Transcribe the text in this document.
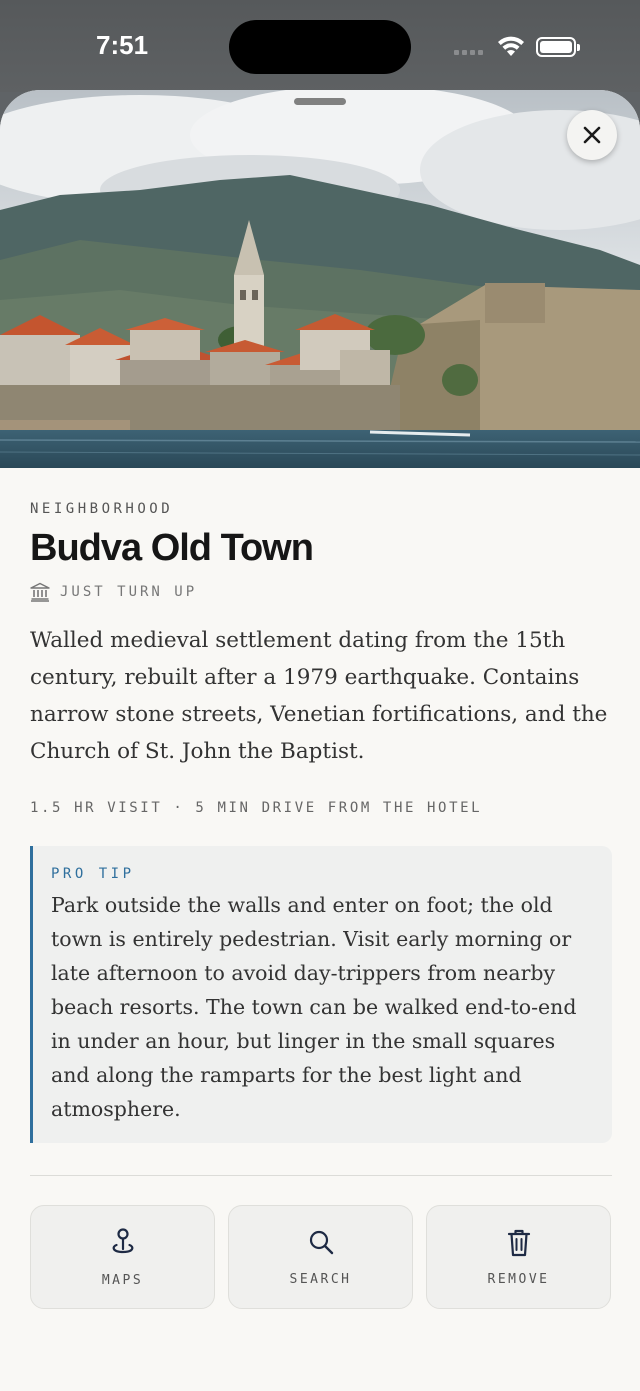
7:51
NEIGHBORHOOD
Budva Old Town
JUST TURN UP
Walled medieval settlement dating from the 15th century, rebuilt after a 1979 earthquake. Contains narrow stone streets, Venetian fortifications, and the Church of St. John the Baptist.
1.5 HR VISIT · 5 MIN DRIVE FROM THE HOTEL
PRO TIP
Park outside the walls and enter on foot; the old town is entirely pedestrian. Visit early morning or late afternoon to avoid day-trippers from nearby beach resorts. The town can be walked end-to-end in under an hour, but linger in the small squares and along the ramparts for the best light and atmosphere.
MAPS	SEARCH	REMOVE
